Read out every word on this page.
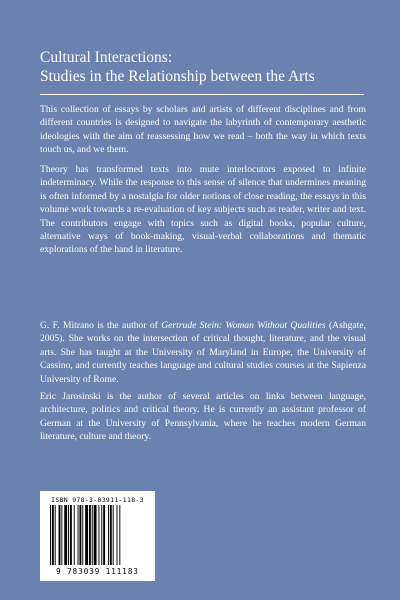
Cultural Interactions:

Studies in the Relationship between the Arts

This collection of essays by scholars and artists of different disciplines and from different countries is designed to navigate the labyrinth of contemporary aesthetic ideologies with the aim of reassessing how we read – both the way in which texts touch us, and we them.

Theory has transformed texts into mute interlocutors exposed to infinite indeterminacy. While the response to this sense of silence that undermines meaning is often informed by a nostalgia for older notions of close reading, the essays in this volume work towards a re-evaluation of key subjects such as reader, writer and text. The contributors engage with topics such as digital books, popular culture, alternative ways of book-making, visual-verbal collaborations and thematic explorations of the hand in literature.

G. F. Mitrano is the author of Gertrude Stein: Woman Without Qualities (Ashgate, 2005). She works on the intersection of critical thought, literature, and the visual arts. She has taught at the University of Maryland in Europe, the University of Cassino, and currently teaches language and cultural studies courses at the Sapienza University of Rome.

Eric Jarosinski is the author of several articles on links between language, architecture, politics and critical theory. He is currently an assistant professor of German at the University of Pennsylvania, where he teaches modern German literature, culture and theory.

ISBN 978-3-03911-118-3
9 783039 111183
